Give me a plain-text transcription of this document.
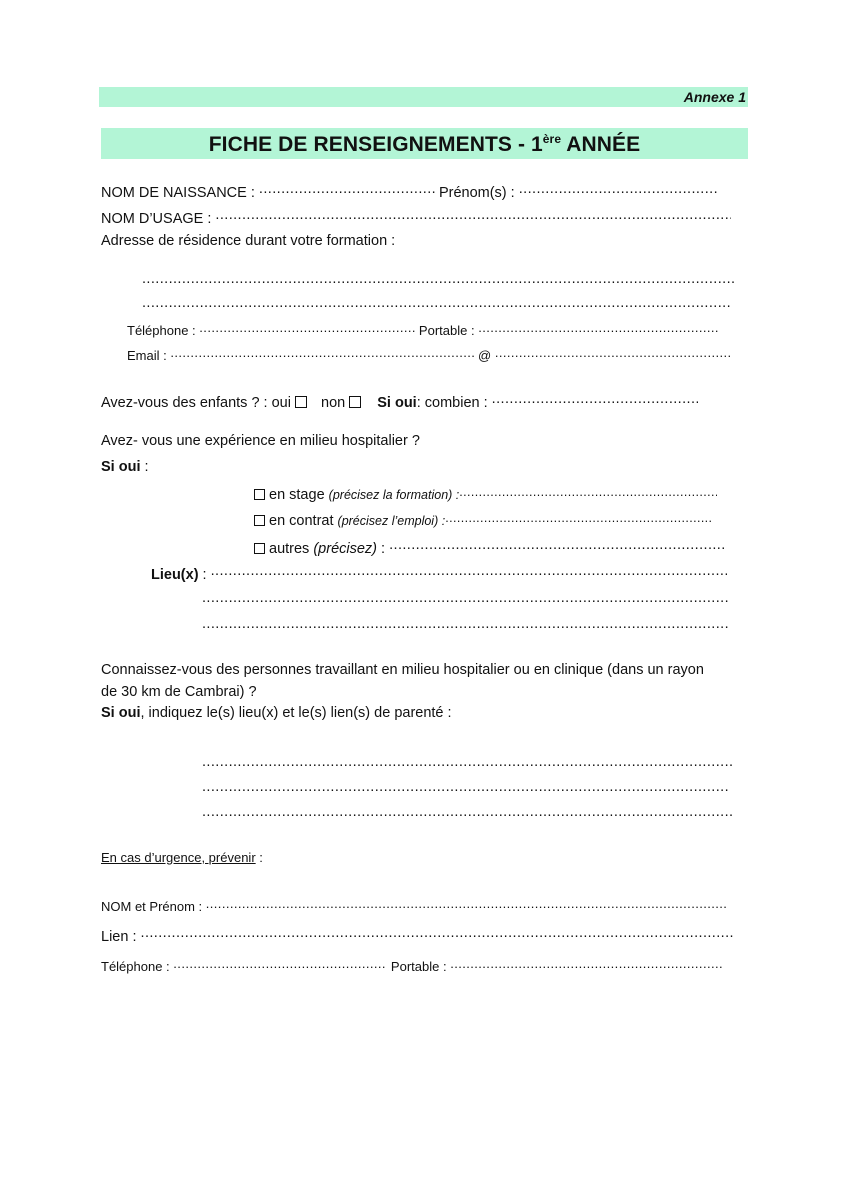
Annexe 1
FICHE DE RENSEIGNEMENTS - 1ère ANNÉE
NOM DE NAISSANCE : .....	Prénom(s) : .....
NOM D’USAGE : .....
Adresse de résidence durant votre formation :
.....
.....
Téléphone : .....	Portable : .....
Email : .....	@ .....
Avez-vous des enfants ? : oui non Si oui: combien : .....
Avez- vous une expérience en milieu hospitalier ?
Si oui :
en stage (précisez la formation) :.....
en contrat (précisez l’emploi) :.....
autres (précisez) : .....
Lieu(x) : .....
.....
.....
Connaissez-vous des personnes travaillant en milieu hospitalier ou en clinique (dans un rayon
de 30 km de Cambrai) ?
Si oui, indiquez le(s) lieu(x) et le(s) lien(s) de parenté :
.....
.....
.....
En cas d’urgence, prévenir :
NOM et Prénom : .....
Lien : .....
Téléphone : .....	Portable : .....
